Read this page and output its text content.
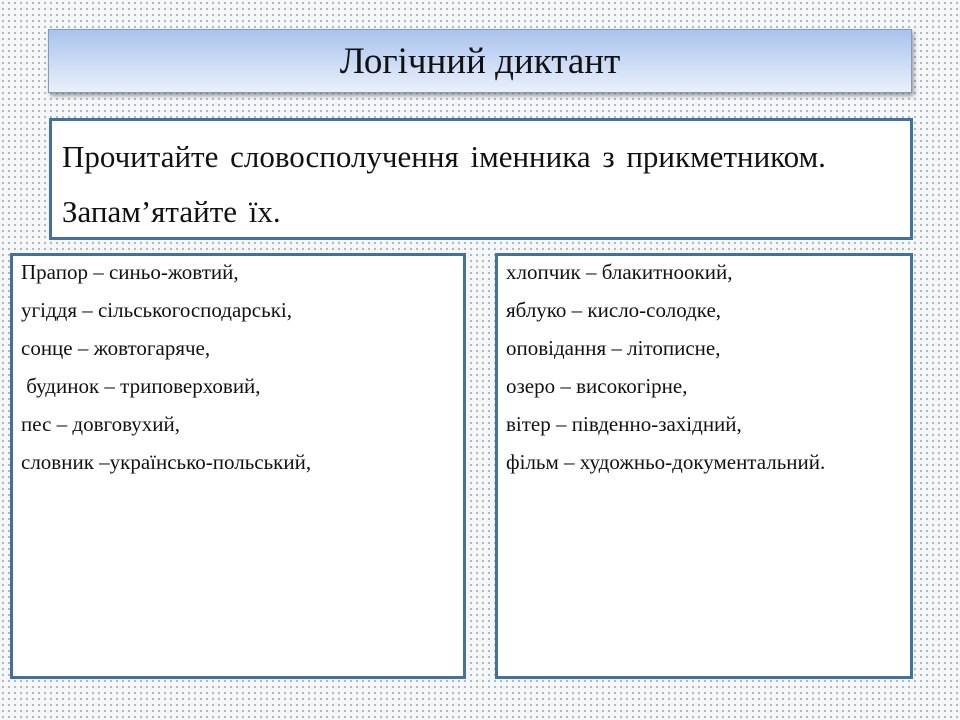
Логічний диктант

Прочитайте словосполучення іменника з прикметником. Запам’ятайте їх.

Прапор – синьо-жовтий,
угіддя – сільськогосподарські,
сонце – жовтогаряче,
будинок – триповерховий,
пес – довговухий,
словник –українсько-польський,
хлопчик – блакитноокий,
яблуко – кисло-солодке,
оповідання – літописне,
озеро – високогірне,
вітер – південно-західний,
фільм – художньо-документальний.
